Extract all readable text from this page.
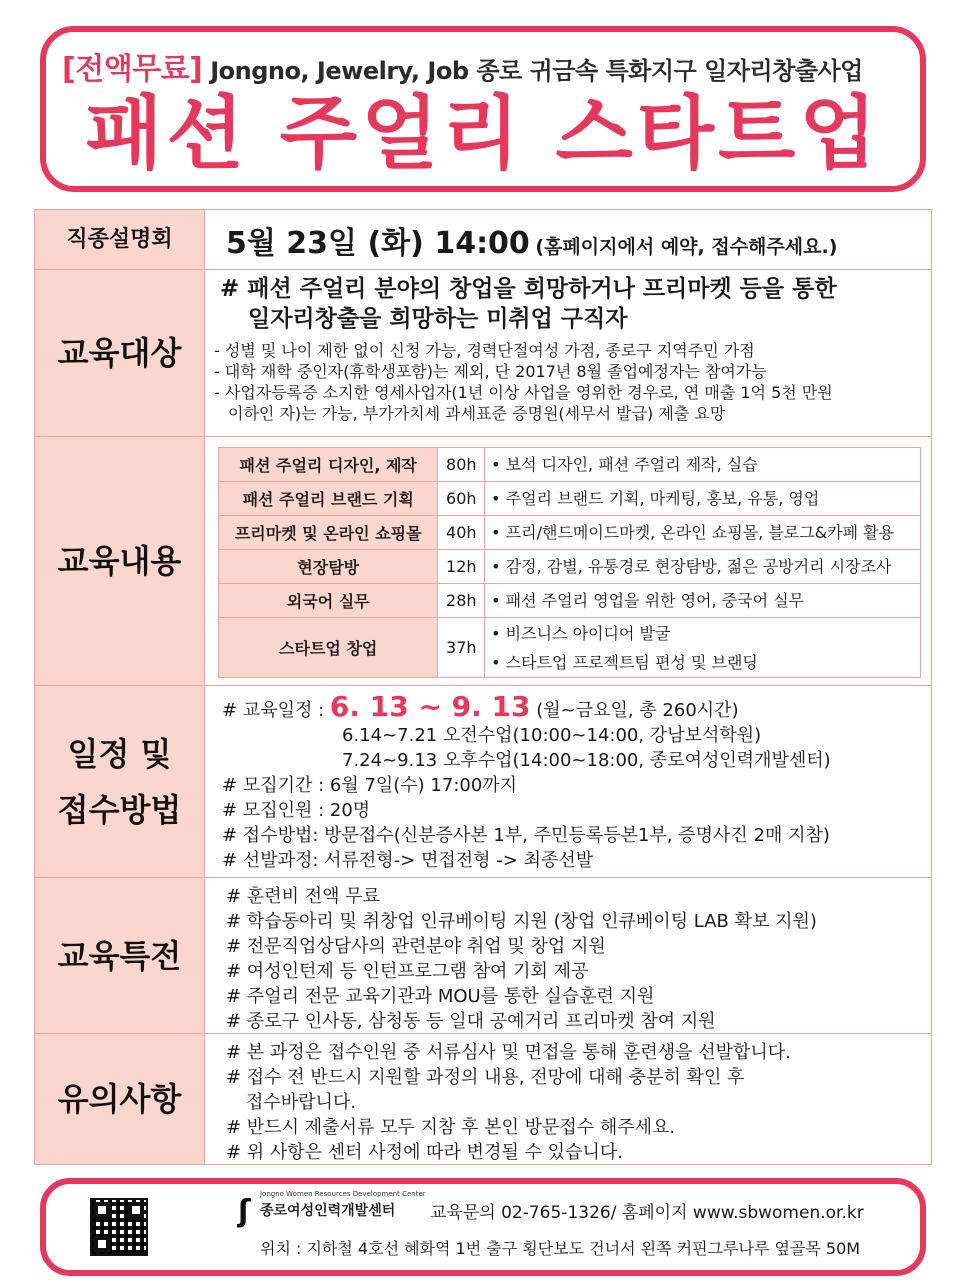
[전액무료] Jongno, Jewelry, Job 종로 귀금속 특화지구 일자리창출사업
패션 주얼리 스타트업
직종설명회	5월 23일 (화) 14:00 (홈페이지에서 예약, 접수해주세요.)
교육대상
# 패션 주얼리 분야의 창업을 희망하거나 프리마켓 등을 통한
일자리창출을 희망하는 미취업 구직자
- 성별 및 나이 제한 없이 신청 가능, 경력단절여성 가점, 종로구 지역주민 가점
- 대학 재학 중인자(휴학생포함)는 제외, 단 2017년 8월 졸업예정자는 참여가능
- 사업자등록증 소지한 영세사업자(1년 이상 사업을 영위한 경우로, 연 매출 1억 5천 만원
이하인 자)는 가능, 부가가치세 과세표준 증명원(세무서 발급) 제출 요망
교육내용
패션 주얼리 디자인, 제작	80h	• 보석 디자인, 패션 주얼리 제작, 실습

패션 주얼리 브랜드 기획	60h	• 주얼리 브랜드 기획, 마케팅, 홍보, 유통, 영업

프리마켓 및 온라인 쇼핑몰	40h	• 프리/핸드메이드마켓, 온라인 쇼핑몰, 블로그&카페 활용

현장탐방	12h	• 감정, 감별, 유통경로 현장탐방, 젊은 공방거리 시장조사

외국어 실무	28h	• 패션 주얼리 영업을 위한 영어, 중국어 실무

스타트업 창업	37h	• 비즈니스 아이디어 발굴
• 스타트업 프로젝트팀 편성 및 브랜딩
일정 및
접수방법
# 교육일정 : 6. 13 ~ 9. 13 (월~금요일, 총 260시간)
6.14~7.21 오전수업(10:00~14:00, 강남보석학원)
7.24~9.13 오후수업(14:00~18:00, 종로여성인력개발센터)
# 모집기간 : 6월 7일(수) 17:00까지
# 모집인원 : 20명
# 접수방법: 방문접수(신분증사본 1부, 주민등록등본1부, 증명사진 2매 지참)
# 선발과정: 서류전형-> 면접전형 -> 최종선발
교육특전
# 훈련비 전액 무료
# 학습동아리 및 취창업 인큐베이팅 지원 (창업 인큐베이팅 LAB 확보 지원)
# 전문직업상담사의 관련분야 취업 및 창업 지원
# 여성인턴제 등 인턴프로그램 참여 기회 제공
# 주얼리 전문 교육기관과 MOU를 통한 실습훈련 지원
# 종로구 인사동, 삼청동 등 일대 공예거리 프리마켓 참여 지원
유의사항
# 본 과정은 접수인원 중 서류심사 및 면접을 통해 훈련생을 선발합니다.
# 접수 전 반드시 지원할 과정의 내용, 전망에 대해 충분히 확인 후
접수바랍니다.
# 반드시 제출서류 모두 지참 후 본인 방문접수 해주세요.
# 위 사항은 센터 사정에 따라 변경될 수 있습니다.
ʃ Jongno Women Resources Development Center
종로여성인력개발센터 교육문의 02-765-1326/ 홈페이지 www.sbwomen.or.kr
위치 : 지하철 4호선 혜화역 1번 출구 횡단보도 건너서 왼쪽 커핀그루나루 옆골목 50M
